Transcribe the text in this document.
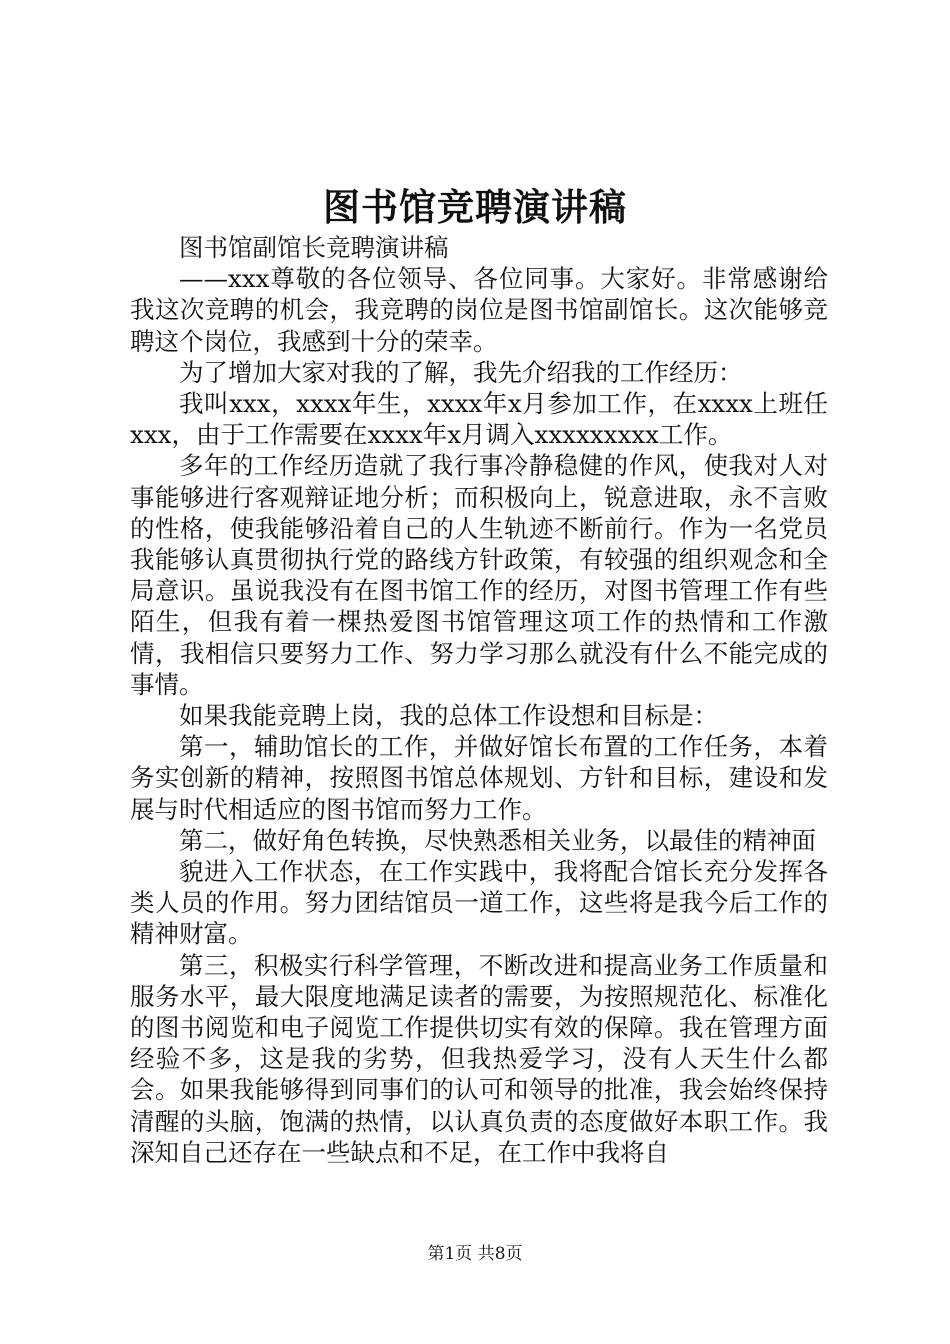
图书馆竞聘演讲稿

图书馆副馆长竞聘演讲稿

——xxx尊敬的各位领导、各位同事。大家好。非常感谢给我这次竞聘的机会，我竞聘的岗位是图书馆副馆长。这次能够竞聘这个岗位，我感到十分的荣幸。

为了增加大家对我的了解，我先介绍我的工作经历：

我叫xxx，xxxx年生，xxxx年x月参加工作，在xxxx上班任xxx，由于工作需要在xxxx年x月调入xxxxxxxxx工作。

多年的工作经历造就了我行事冷静稳健的作风，使我对人对事能够进行客观辩证地分析；而积极向上，锐意进取，永不言败的性格，使我能够沿着自己的人生轨迹不断前行。作为一名党员我能够认真贯彻执行党的路线方针政策，有较强的组织观念和全局意识。虽说我没有在图书馆工作的经历，对图书管理工作有些陌生，但我有着一棵热爱图书馆管理这项工作的热情和工作激情，我相信只要努力工作、努力学习那么就没有什么不能完成的事情。

如果我能竞聘上岗，我的总体工作设想和目标是：

第一，辅助馆长的工作，并做好馆长布置的工作任务，本着务实创新的精神，按照图书馆总体规划、方针和目标，建设和发展与时代相适应的图书馆而努力工作。

第二，做好角色转换，尽快熟悉相关业务，以最佳的精神面

貌进入工作状态，在工作实践中，我将配合馆长充分发挥各类人员的作用。努力团结馆员一道工作，这些将是我今后工作的精神财富。

第三，积极实行科学管理，不断改进和提高业务工作质量和服务水平，最大限度地满足读者的需要，为按照规范化、标准化的图书阅览和电子阅览工作提供切实有效的保障。我在管理方面经验不多，这是我的劣势，但我热爱学习，没有人天生什么都会。如果我能够得到同事们的认可和领导的批准，我会始终保持清醒的头脑，饱满的热情，以认真负责的态度做好本职工作。我深知自己还存在一些缺点和不足，在工作中我将自

第1页 共8页
